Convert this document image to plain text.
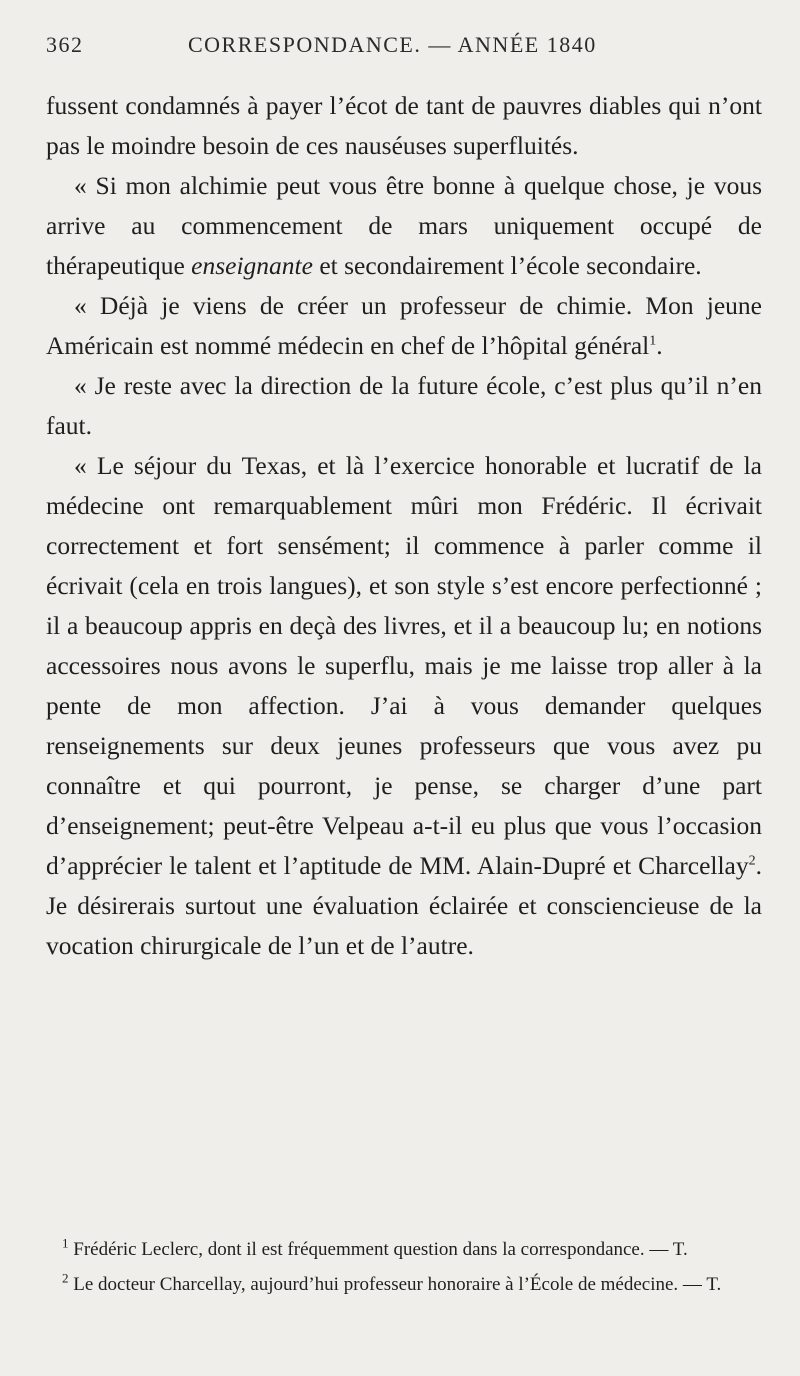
362	CORRESPONDANCE. — ANNÉE 1840

fussent condamnés à payer l’écot de tant de pauvres diables qui n’ont pas le moindre besoin de ces nauséuses superfluités.

« Si mon alchimie peut vous être bonne à quelque chose, je vous arrive au commencement de mars uniquement occupé de thérapeutique enseignante et secondairement l’école secondaire.

« Déjà je viens de créer un professeur de chimie. Mon jeune Américain est nommé médecin en chef de l’hôpital général$^1$.

« Je reste avec la direction de la future école, c’est plus qu’il n’en faut.

« Le séjour du Texas, et là l’exercice honorable et lucratif de la médecine ont remarquablement mûri mon Frédéric. Il écrivait correctement et fort sensément; il commence à parler comme il écrivait (cela en trois langues), et son style s’est encore perfectionné ; il a beaucoup appris en deçà des livres, et il a beaucoup lu; en notions accessoires nous avons le superflu, mais je me laisse trop aller à la pente de mon affection. J’ai à vous demander quelques renseignements sur deux jeunes professeurs que vous avez pu connaître et qui pourront, je pense, se charger d’une part d’enseignement; peut-être Velpeau a-t-il eu plus que vous l’occasion d’apprécier le talent et l’aptitude de MM. Alain-Dupré et Charcellay$^2$. Je désirerais surtout une évaluation éclairée et consciencieuse de la vocation chirurgicale de l’un et de l’autre.

$^1$ Frédéric Leclerc, dont il est fréquemment question dans la correspondance. — T.

$^2$ Le docteur Charcellay, aujourd’hui professeur honoraire à l’École de médecine. — T.
